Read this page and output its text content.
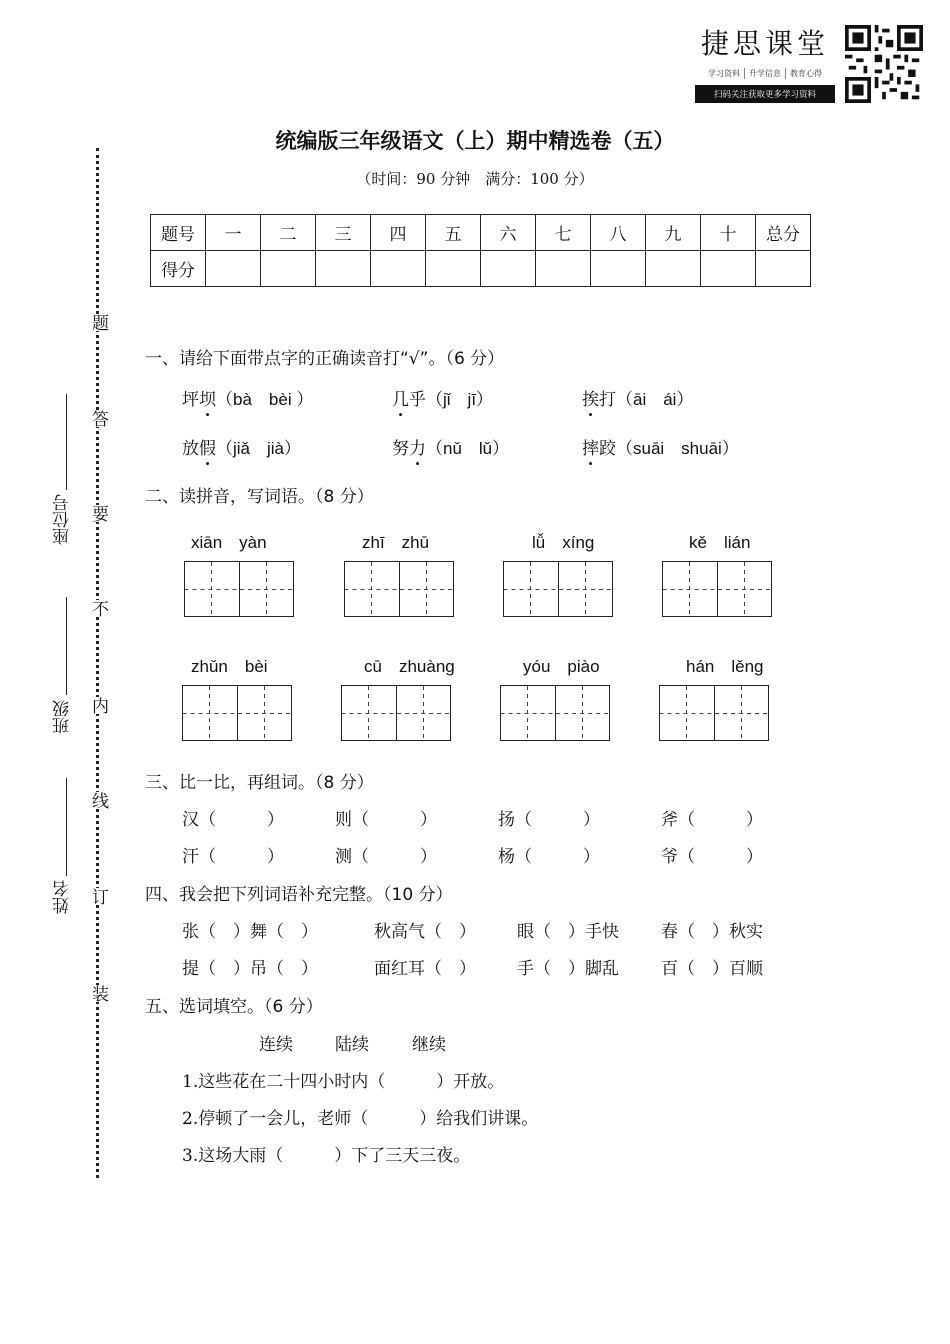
捷思课堂
学习资料	升学信息	教育心得
扫码关注获取更多学习资料
统编版三年级语文（上）期中精选卷（五）
（时间：90 分钟　满分：100 分）
题号	一	二	三	四	五	六	七	八	九	十	总分
得分											
装
订
线
内
不
要
答
题
姓名
班级
座位号
一、请给下面带点字的正确读音打“√”。（6 分）
坪坝（bà　bèi ）	几乎（jǐ　jī）	挨打（āi　ái）
放假（jiǎ　jià）	努力（nǔ　lǔ）	摔跤（suāi　shuāi）
二、读拼音，写词语。（8 分）
xiān　yàn	zhī　zhū	lǚ　xíng	kě　lián
zhǔn　bèi	cū　zhuàng	yóu　piào	hán　lěng
三、比一比，再组词。（8 分）
汉（　　　）	则（　　　）	扬（　　　）	斧（　　　）
汗（　　　）	测（　　　）	杨（　　　）	爷（　　　）
四、我会把下列词语补充完整。（10 分）
张（　）舞（　）	秋高气（　） 眼（　）手快 春（　）秋实
提（　）吊（　）	面红耳（　） 手（　）脚乱 百（　）百顺
五、选词填空。（6 分）
连续 陆续	继续
1.这些花在二十四小时内（　　　）开放。
2.停顿了一会儿，老师（　　　）给我们讲课。
3.这场大雨（　　　）下了三天三夜。
